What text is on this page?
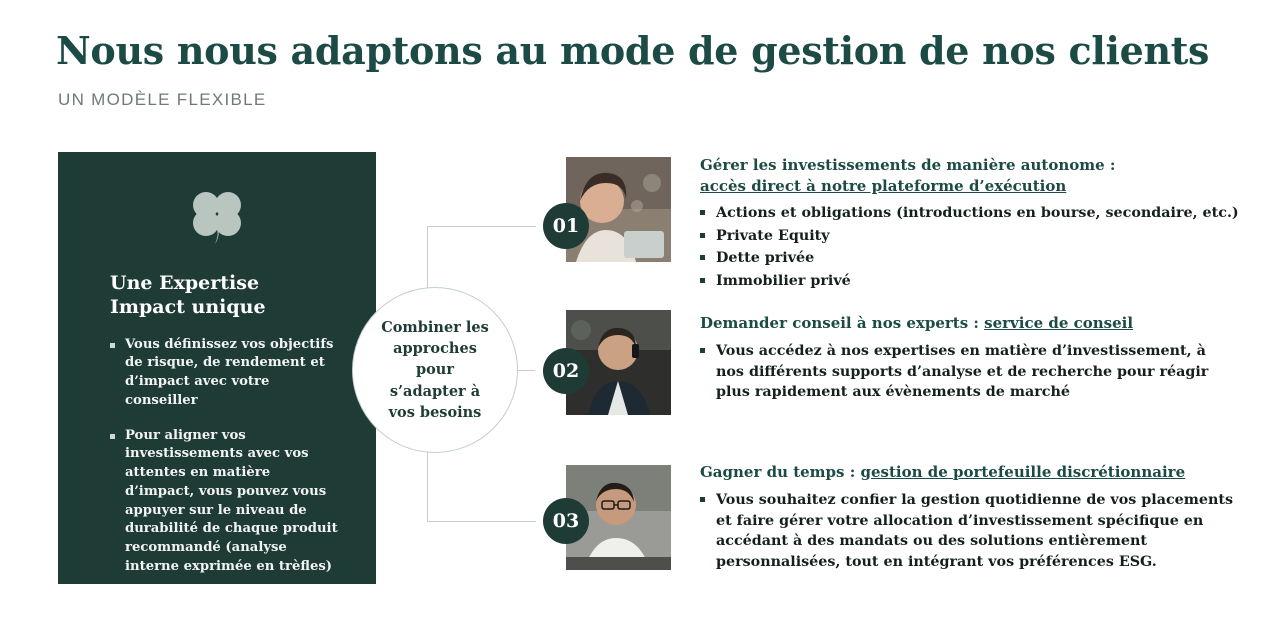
Nous nous adaptons au mode de gestion de nos clients
UN MODÈLE FLEXIBLE
Une Expertise
Impact unique
Vous définissez vos objectifs de risque, de rendement et d’impact avec votre conseiller
Pour aligner vos investissements avec vos attentes en matière d’impact, vous pouvez vous appuyer sur le niveau de durabilité de chaque produit recommandé (analyse interne exprimée en trèfles)
Combiner les
approches pour
s’adapter à
vos besoins
01
Gérer les investissements de manière autonome :
accès direct à notre plateforme d’exécution
Actions et obligations (introductions en bourse, secondaire, etc.)
Private Equity
Dette privée
Immobilier privé
02
Demander conseil à nos experts : service de conseil
Vous accédez à nos expertises en matière d’investissement, à nos différents supports d’analyse et de recherche pour réagir plus rapidement aux évènements de marché
03
Gagner du temps : gestion de portefeuille discrétionnaire
Vous souhaitez confier la gestion quotidienne de vos placements et faire gérer votre allocation d’investissement spécifique en accédant à des mandats ou des solutions entièrement personnalisées, tout en intégrant vos préférences ESG.
